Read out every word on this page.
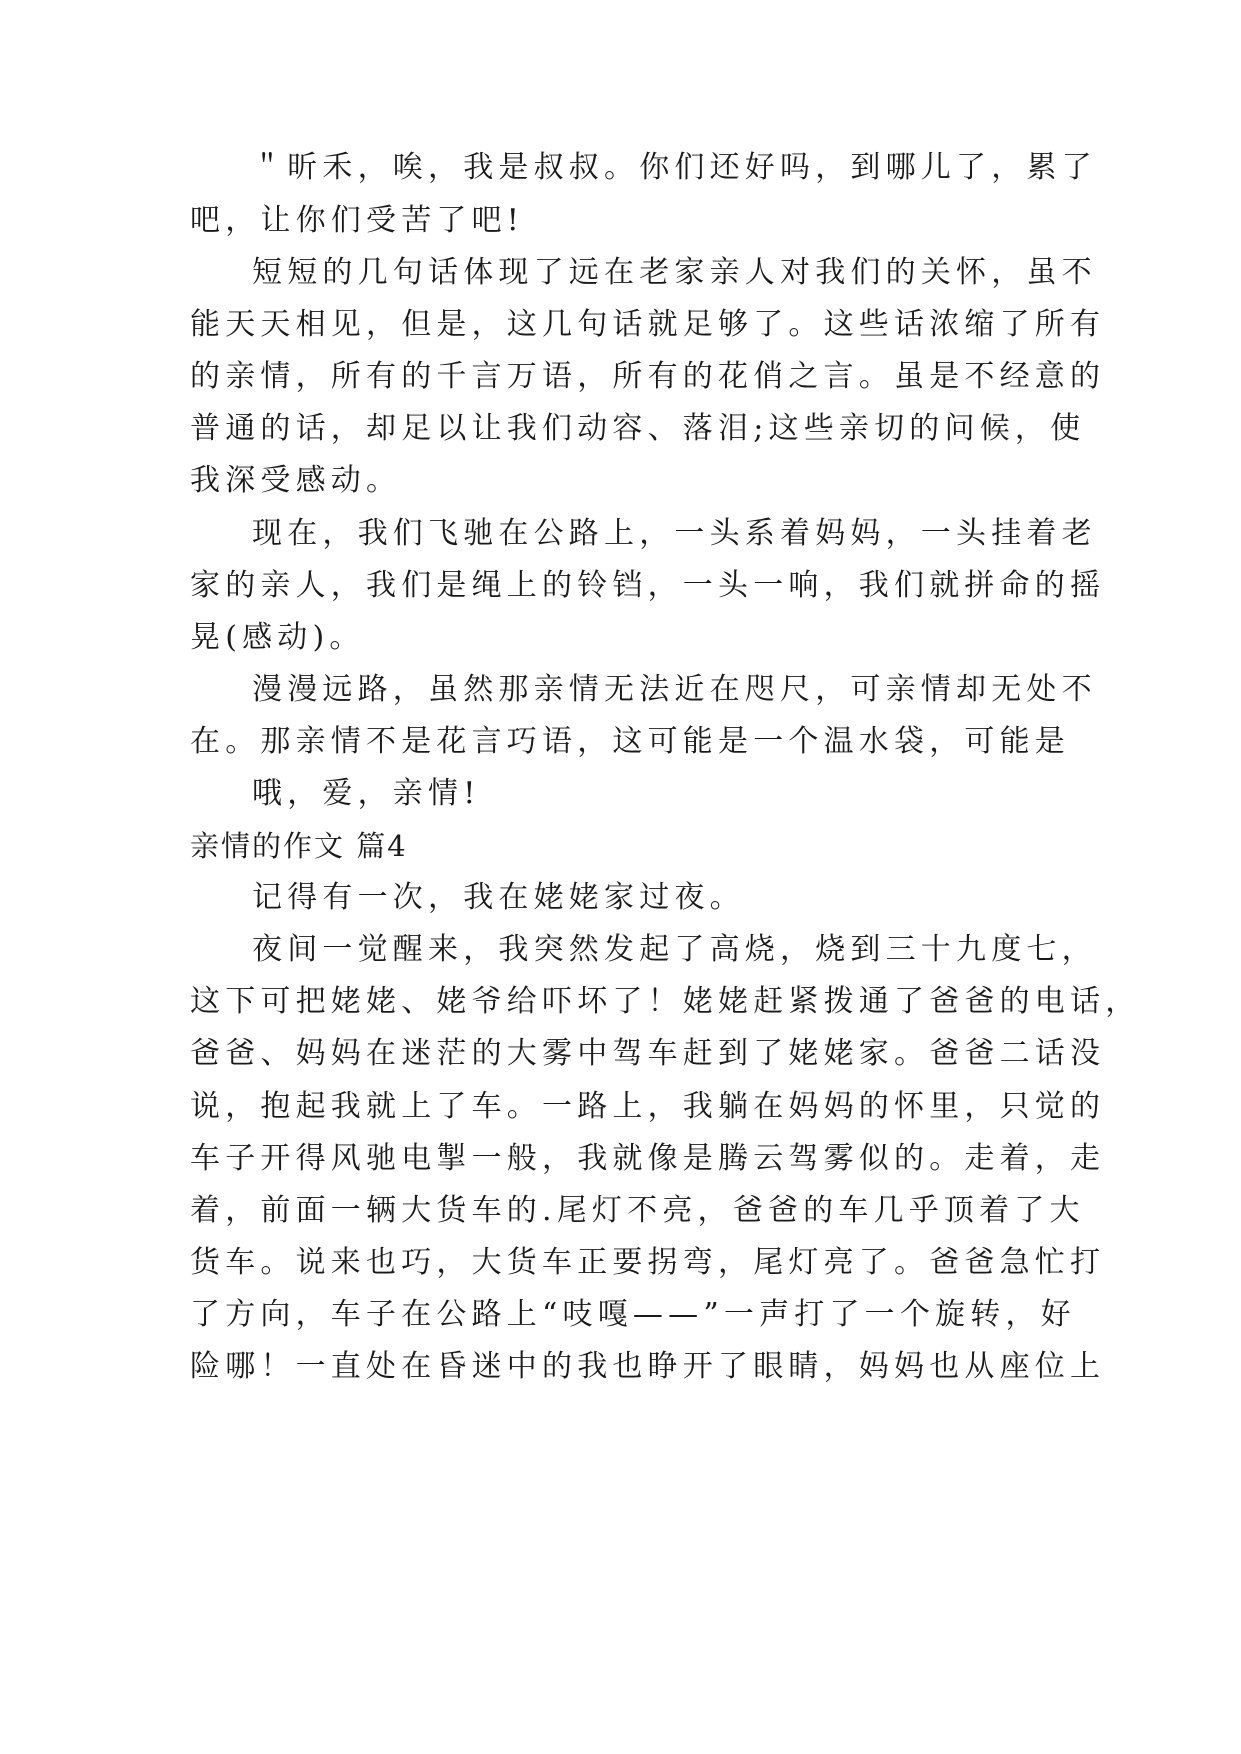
＂昕禾，唉，我是叔叔。你们还好吗，到哪儿了，累了
吧，让你们受苦了吧!
短短的几句话体现了远在老家亲人对我们的关怀，虽不
能天天相见，但是，这几句话就足够了。这些话浓缩了所有
的亲情，所有的千言万语，所有的花俏之言。虽是不经意的
普通的话，却足以让我们动容、落泪;这些亲切的问候，使
我深受感动。
现在，我们飞驰在公路上，一头系着妈妈，一头挂着老
家的亲人，我们是绳上的铃铛，一头一响，我们就拼命的摇
晃(感动)。
漫漫远路，虽然那亲情无法近在咫尺，可亲情却无处不
在。那亲情不是花言巧语，这可能是一个温水袋，可能是
哦，爱，亲情!
亲情的作文 篇4
记得有一次，我在姥姥家过夜。
夜间一觉醒来，我突然发起了高烧，烧到三十九度七，
这下可把姥姥、姥爷给吓坏了！姥姥赶紧拨通了爸爸的电话，
爸爸、妈妈在迷茫的大雾中驾车赶到了姥姥家。爸爸二话没
说，抱起我就上了车。一路上，我躺在妈妈的怀里，只觉的
车子开得风驰电掣一般，我就像是腾云驾雾似的。走着，走
着，前面一辆大货车的.尾灯不亮，爸爸的车几乎顶着了大
货车。说来也巧，大货车正要拐弯，尾灯亮了。爸爸急忙打
了方向，车子在公路上“吱嘎——”一声打了一个旋转，好
险哪！一直处在昏迷中的我也睁开了眼睛，妈妈也从座位上
